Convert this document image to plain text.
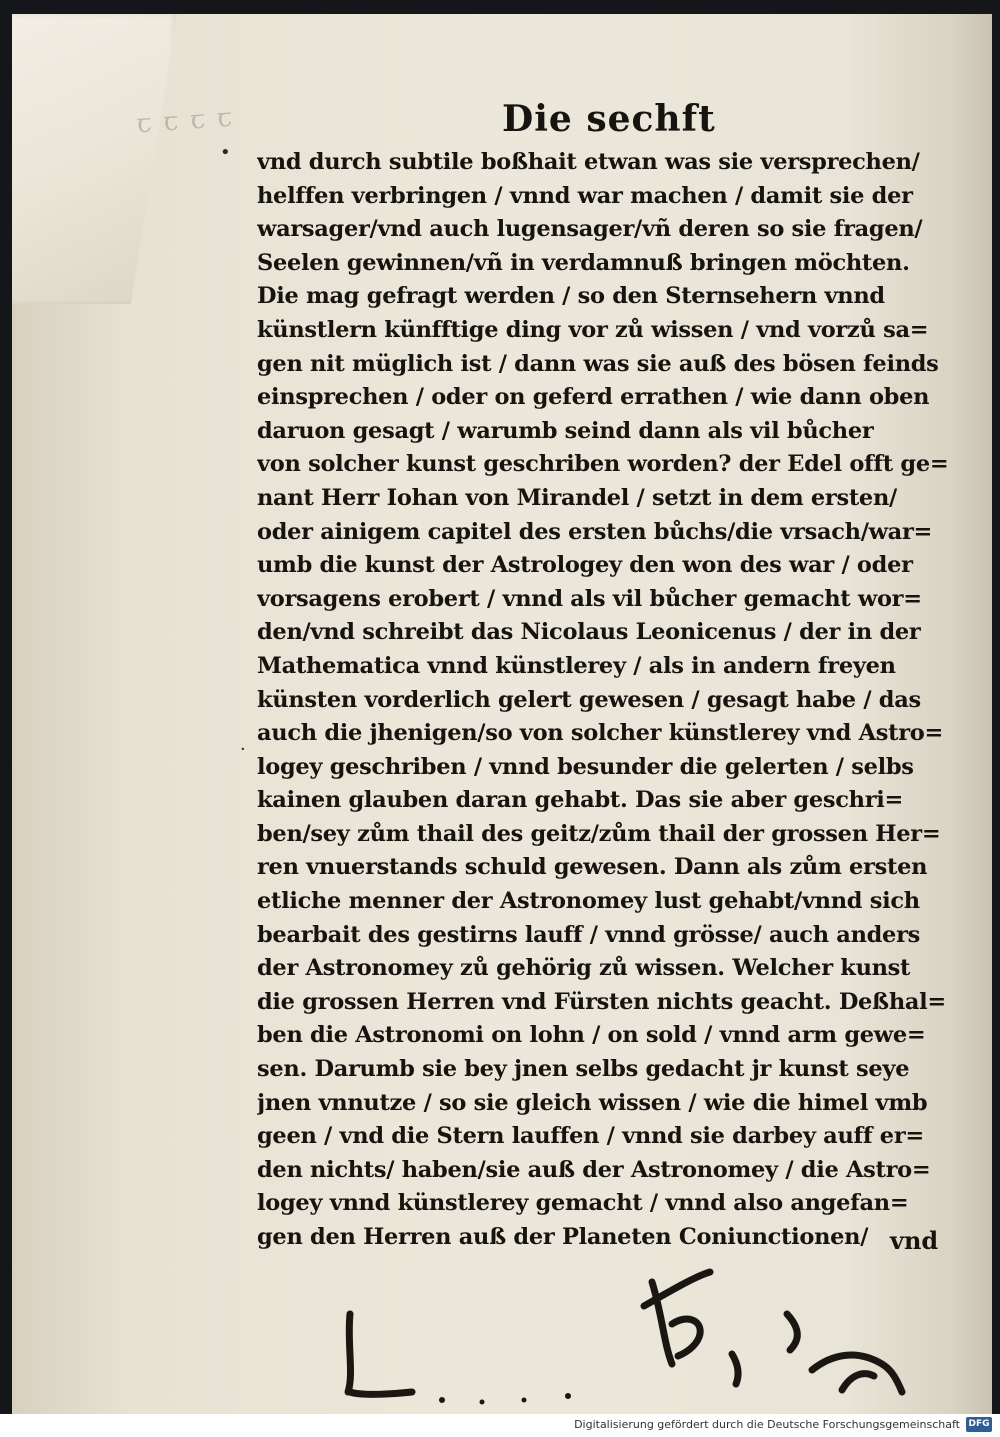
ꞇ ꞇ ꞇ ꞇ	Die sechft
vnd durch subtile boßhait etwan was sie versprechen/
helffen verbringen / vnnd war machen / damit sie der
warsager/vnd auch lugensager/vñ deren so sie fragen/
Seelen gewinnen/vñ in verdamnuß bringen möchten.
Die mag gefragt werden / so den Sternsehern vnnd
künstlern künfftige ding vor zů wissen / vnd vorzů sa=
gen nit müglich ist / dann was sie auß des bösen feinds
einsprechen / oder on geferd errathen / wie dann oben
daruon gesagt / warumb seind dann als vil bůcher
von solcher kunst geschriben worden? der Edel offt ge=
nant Herr Iohan von Mirandel / setzt in dem ersten/
oder ainigem capitel des ersten bůchs/die vrsach/war=
umb die kunst der Astrologey den won des war / oder
vorsagens erobert / vnnd als vil bůcher gemacht wor=
den/vnd schreibt das Nicolaus Leonicenus / der in der
Mathematica vnnd künstlerey / als in andern freyen
künsten vorderlich gelert gewesen / gesagt habe / das
auch die jhenigen/so von solcher künstlerey vnd Astro=
logey geschriben / vnnd besunder die gelerten / selbs
kainen glauben daran gehabt. Das sie aber geschri=
ben/sey zům thail des geitz/zům thail der grossen Her=
ren vnuerstands schuld gewesen. Dann als zům ersten
etliche menner der Astronomey lust gehabt/vnnd sich
bearbait des gestirns lauff / vnnd grösse/ auch anders
der Astronomey zů gehörig zů wissen. Welcher kunst
die grossen Herren vnd Fürsten nichts geacht. Deßhal=
ben die Astronomi on lohn / on sold / vnnd arm gewe=
sen. Darumb sie bey jnen selbs gedacht jr kunst seye
jnen vnnutze / so sie gleich wissen / wie die himel vmb
geen / vnd die Stern lauffen / vnnd sie darbey auff er=
den nichts/ haben/sie auß der Astronomey / die Astro=
logey vnnd künstlerey gemacht / vnnd also angefan=
gen den Herren auß der Planeten Coniunctionen/ vnd
•
·
Digitalisierung gefördert durch die Deutsche Forschungsgemeinschaft DFG
